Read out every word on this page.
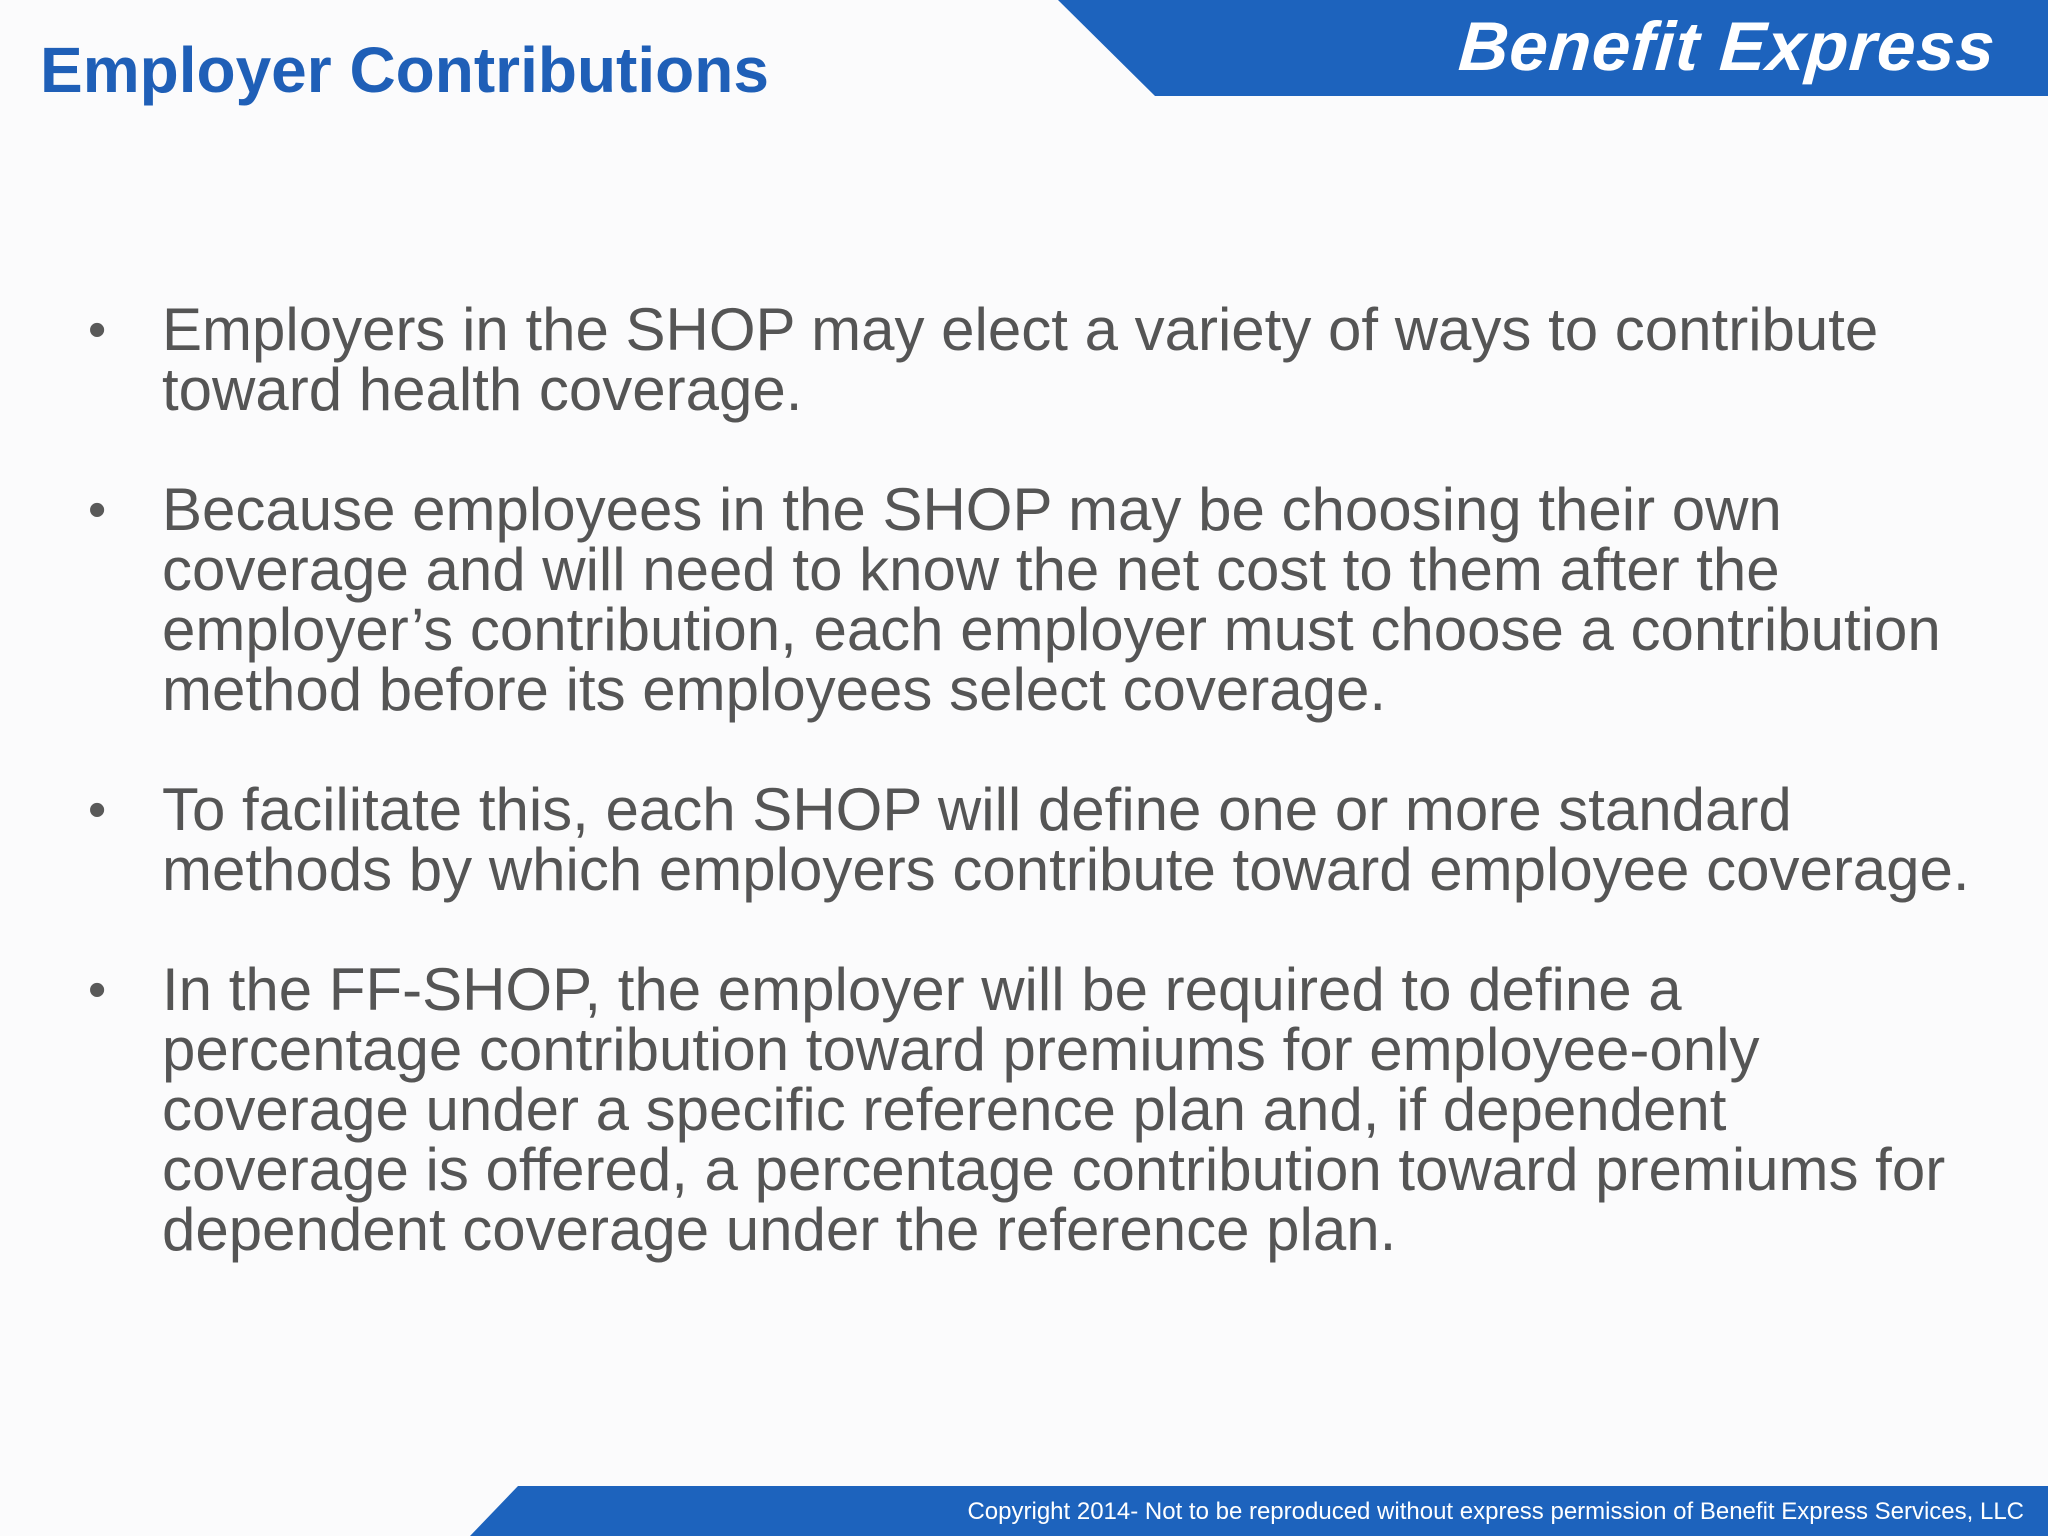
Benefit Express
Employer Contributions
• Employers in the SHOP may elect a variety of ways to contribute toward health coverage.
• Because employees in the SHOP may be choosing their own coverage and will need to know the net cost to them after the employer’s contribution, each employer must choose a contribution method before its employees select coverage.
• To facilitate this, each SHOP will define one or more standard methods by which employers contribute toward employee coverage.
• In the FF-SHOP, the employer will be required to define a percentage contribution toward premiums for employee-only coverage under a specific reference plan and, if dependent coverage is offered, a percentage contribution toward premiums for dependent coverage under the reference plan.
Copyright 2014- Not to be reproduced without express permission of Benefit Express Services, LLC
